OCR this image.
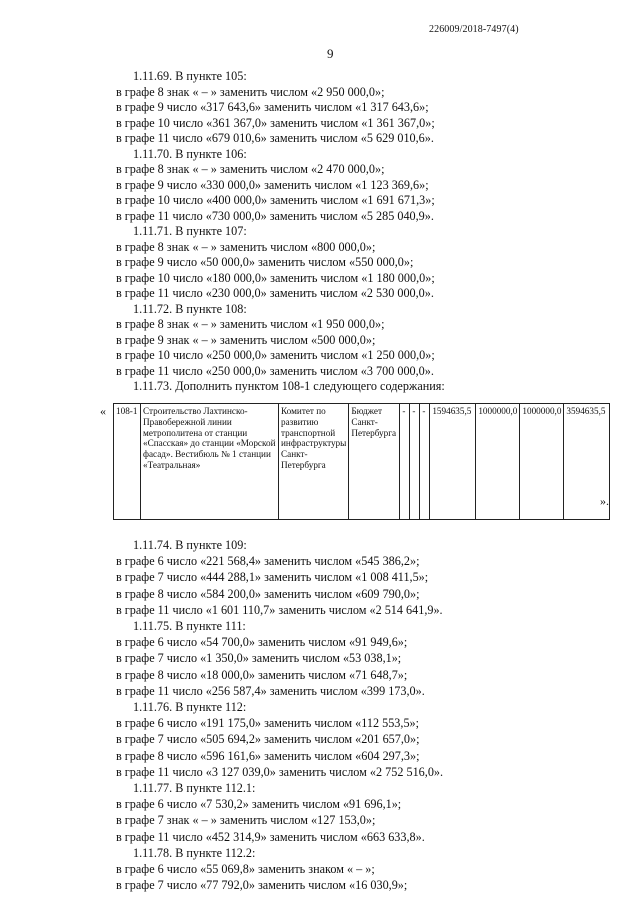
226009/2018-7497(4)
9
1.11.69. В пункте 105:
в графе 8 знак « – » заменить числом «2 950 000,0»;
в графе 9 число «317 643,6» заменить числом «1 317 643,6»;
в графе 10 число «361 367,0» заменить числом «1 361 367,0»;
в графе 11 число «679 010,6» заменить числом «5 629 010,6».
1.11.70. В пункте 106:
в графе 8 знак « – » заменить числом «2 470 000,0»;
в графе 9 число «330 000,0» заменить числом «1 123 369,6»;
в графе 10 число «400 000,0» заменить числом «1 691 671,3»;
в графе 11 число «730 000,0» заменить числом «5 285 040,9».
1.11.71. В пункте 107:
в графе 8 знак « – » заменить числом «800 000,0»;
в графе 9 число «50 000,0» заменить числом «550 000,0»;
в графе 10 число «180 000,0» заменить числом «1 180 000,0»;
в графе 11 число «230 000,0» заменить числом «2 530 000,0».
1.11.72. В пункте 108:
в графе 8 знак « – » заменить числом «1 950 000,0»;
в графе 9 знак « – » заменить числом «500 000,0»;
в графе 10 число «250 000,0» заменить числом «1 250 000,0»;
в графе 11 число «250 000,0» заменить числом «3 700 000,0».
1.11.73. Дополнить пунктом 108-1 следующего содержания:
« 108-1	Строительство Лахтинско-Правобережной линии метрополитена от станции «Спасская» до станции «Морской фасад». Вестибюль № 1 станции «Театральная»	Комитет по развитию транспортной инфраструктуры Санкт-Петербурга	Бюджет Санкт-Петербурга	-	-	-	1594635,5	1000000,0	1000000,0	3594635,5
».
1.11.74. В пункте 109:
в графе 6 число «221 568,4» заменить числом «545 386,2»;
в графе 7 число «444 288,1» заменить числом «1 008 411,5»;
в графе 8 число «584 200,0» заменить числом «609 790,0»;
в графе 11 число «1 601 110,7» заменить числом «2 514 641,9».
1.11.75. В пункте 111:
в графе 6 число «54 700,0» заменить числом «91 949,6»;
в графе 7 число «1 350,0» заменить числом «53 038,1»;
в графе 8 число «18 000,0» заменить числом «71 648,7»;
в графе 11 число «256 587,4» заменить числом «399 173,0».
1.11.76. В пункте 112:
в графе 6 число «191 175,0» заменить числом «112 553,5»;
в графе 7 число «505 694,2» заменить числом «201 657,0»;
в графе 8 число «596 161,6» заменить числом «604 297,3»;
в графе 11 число «3 127 039,0» заменить числом «2 752 516,0».
1.11.77. В пункте 112.1:
в графе 6 число «7 530,2» заменить числом «91 696,1»;
в графе 7 знак « – » заменить числом «127 153,0»;
в графе 11 число «452 314,9» заменить числом «663 633,8».
1.11.78. В пункте 112.2:
в графе 6 число «55 069,8» заменить знаком « – »;
в графе 7 число «77 792,0» заменить числом «16 030,9»;
